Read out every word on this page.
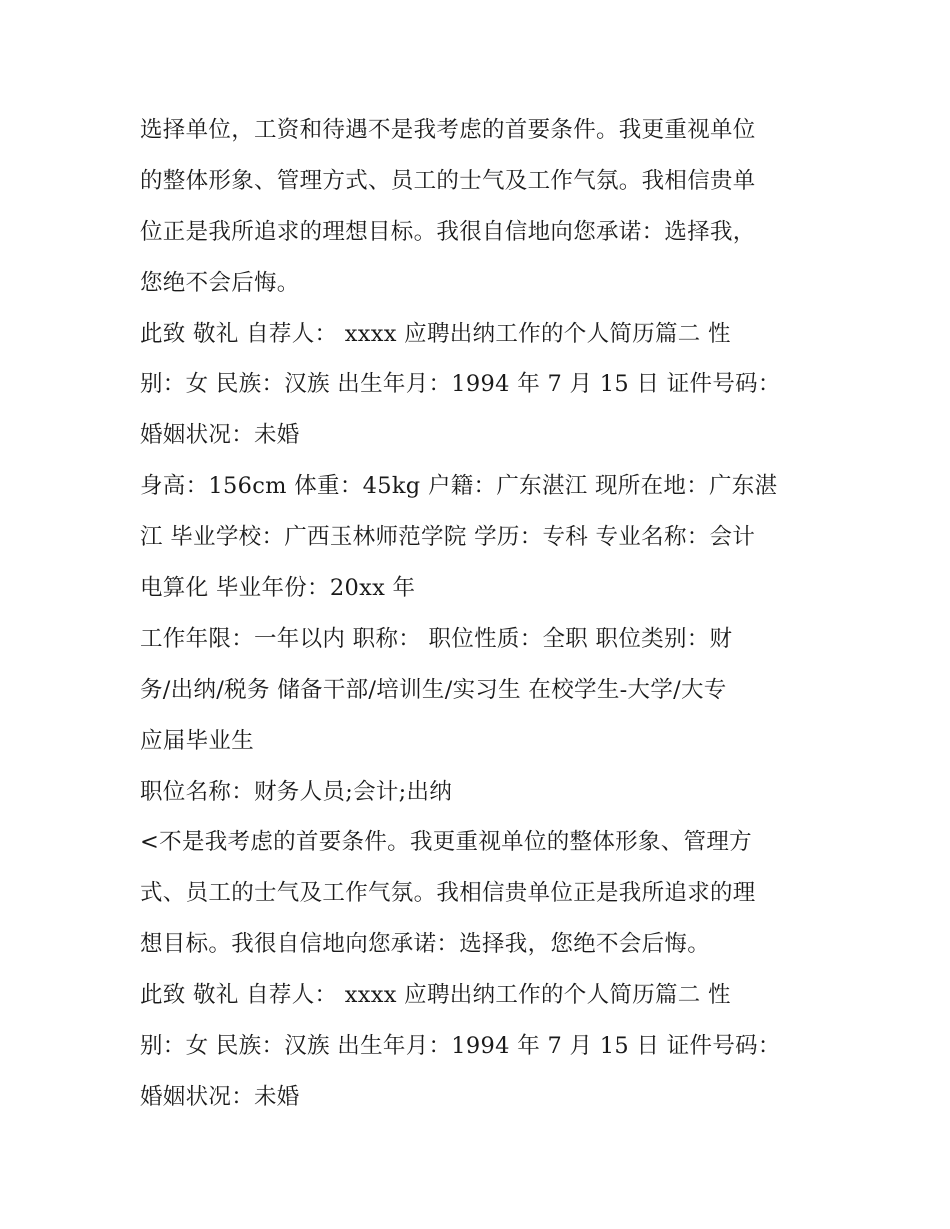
选择单位，工资和待遇不是我考虑的首要条件。我更重视单位
的整体形象、管理方式、员工的士气及工作气氛。我相信贵单
位正是我所追求的理想目标。我很自信地向您承诺：选择我，
您绝不会后悔。
此致 敬礼 自荐人： xxxx 应聘出纳工作的个人简历篇二 性
别：女 民族：汉族 出生年月：1994 年 7 月 15 日 证件号码：
婚姻状况：未婚
身高：156cm 体重：45kg 户籍：广东湛江 现所在地：广东湛
江 毕业学校：广西玉林师范学院 学历：专科 专业名称：会计
电算化 毕业年份：20xx 年
工作年限：一年以内 职称： 职位性质：全职 职位类别：财
务/出纳/税务 储备干部/培训生/实习生 在校学生-大学/大专
应届毕业生
职位名称：财务人员;会计;出纳
<不是我考虑的首要条件。我更重视单位的整体形象、管理方
式、员工的士气及工作气氛。我相信贵单位正是我所追求的理
想目标。我很自信地向您承诺：选择我，您绝不会后悔。
此致 敬礼 自荐人： xxxx 应聘出纳工作的个人简历篇二 性
别：女 民族：汉族 出生年月：1994 年 7 月 15 日 证件号码：
婚姻状况：未婚
